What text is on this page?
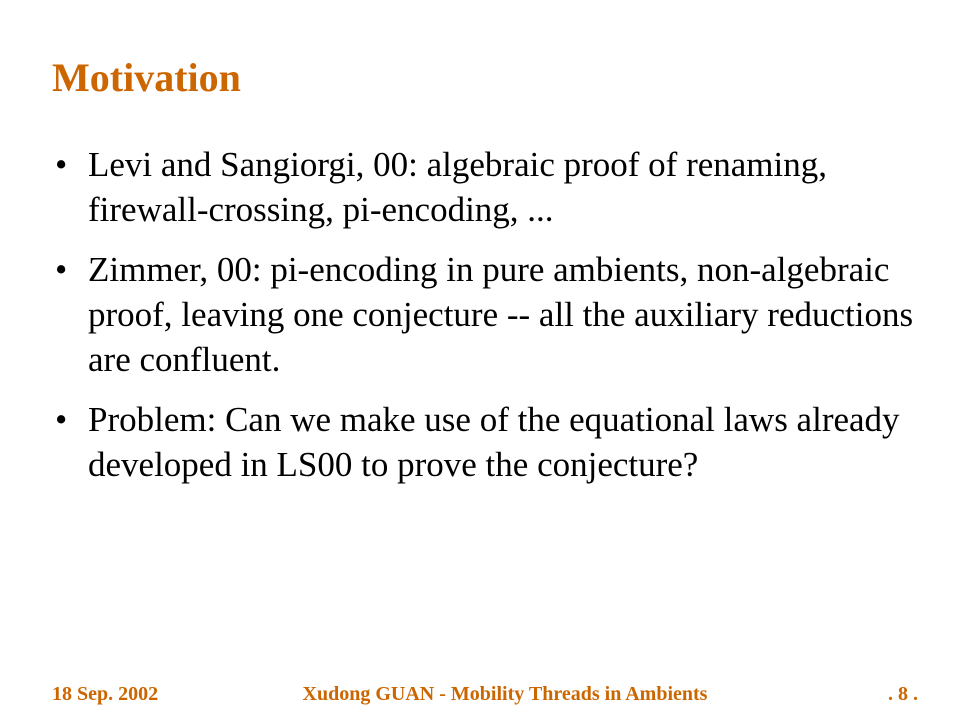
Motivation
• Levi and Sangiorgi, 00: algebraic proof of renaming, firewall-crossing, pi-encoding, ...
• Zimmer, 00: pi-encoding in pure ambients, non-algebraic proof, leaving one conjecture -- all the auxiliary reductions are confluent.
• Problem: Can we make use of the equational laws already developed in LS00 to prove the conjecture?
18 Sep. 2002	Xudong GUAN - Mobility Threads in Ambients	. 8 .
